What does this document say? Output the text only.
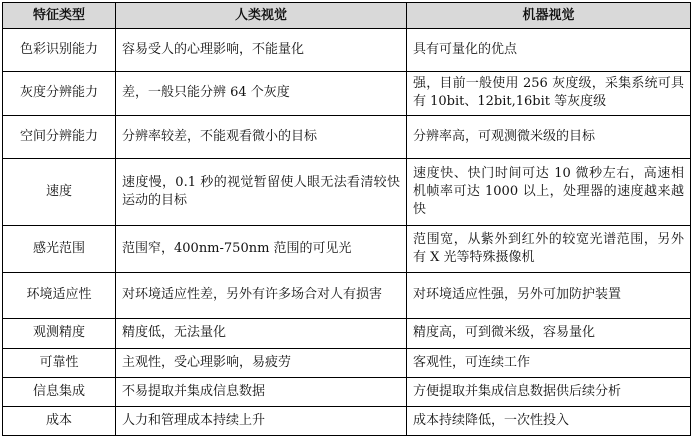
特征类型	人类视觉	机器视觉
色彩识别能力	容易受人的心理影响，不能量化	具有可量化的优点
灰度分辨能力	差，一般只能分辨 64 个灰度	强，目前一般使用 256 灰度级，采集系统可具有 10bit、12bit,16bit 等灰度级
空间分辨能力	分辨率较差，不能观看微小的目标	分辨率高，可观测微米级的目标
速度	速度慢，0.1 秒的视觉暂留使人眼无法看清较快运动的目标	速度快、快门时间可达 10 微秒左右，高速相机帧率可达 1000 以上，处理器的速度越来越快
感光范围	范围窄，400nm-750nm 范围的可见光	范围宽，从紫外到红外的较宽光谱范围，另外有 X 光等特殊摄像机
环境适应性	对环境适应性差，另外有许多场合对人有损害	对环境适应性强，另外可加防护装置
观测精度	精度低，无法量化	精度高，可到微米级，容易量化
可靠性	主观性，受心理影响，易疲劳	客观性，可连续工作
信息集成	不易提取并集成信息数据	方便提取并集成信息数据供后续分析
成本	人力和管理成本持续上升	成本持续降低，一次性投入
